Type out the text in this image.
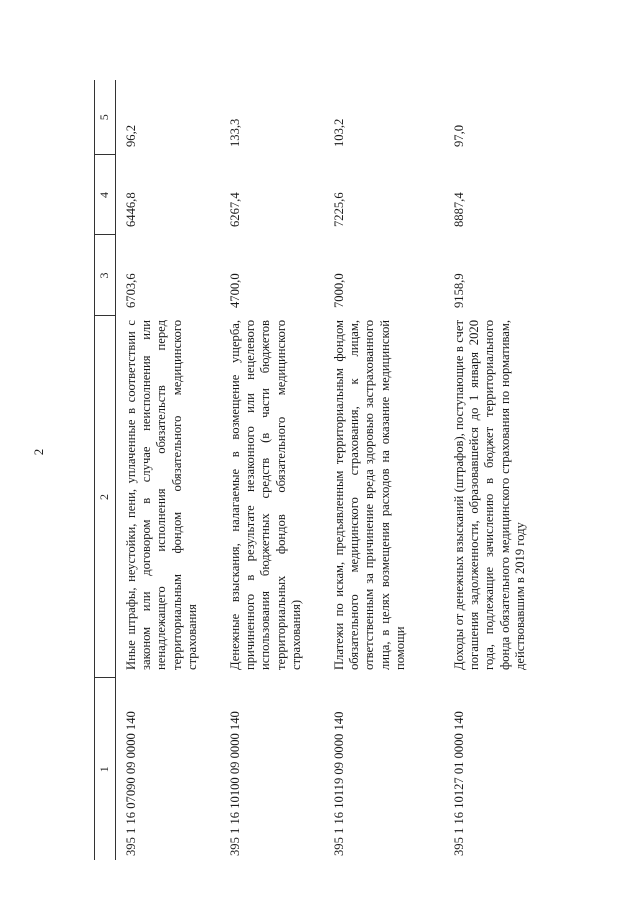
2
1	2	3	4	5
395 1 16 07090 09 0000 140	Иные штрафы, неустойки, пени, уплаченные в соответствии с законом или договором в случае неисполнения или ненадлежащего исполнения обязательств перед территориальным фондом обязательного медицинского страхования	6703,6	6446,8	96,2
395 1 16 10100 09 0000 140	Денежные взыскания, налагаемые в возмещение ущерба, причиненного в результате незаконного или нецелевого использования бюджетных средств (в части бюджетов территориальных фондов обязательного медицинского страхования)	4700,0	6267,4	133,3
395 1 16 10119 09 0000 140	Платежи по искам, предъявленным территориальным фондом обязательного медицинского страхования, к лицам, ответственным за причинение вреда здоровью застрахованного лица, в целях возмещения расходов на оказание медицинской помощи	7000,0	7225,6	103,2
395 1 16 10127 01 0000 140	Доходы от денежных взысканий (штрафов), поступающие в счет погашения задолженности, образовавшейся до 1 января 2020 года, подлежащие зачислению в бюджет территориального фонда обязательного медицинского страхования по нормативам, действовавшим в 2019 году	9158,9	8887,4	97,0
